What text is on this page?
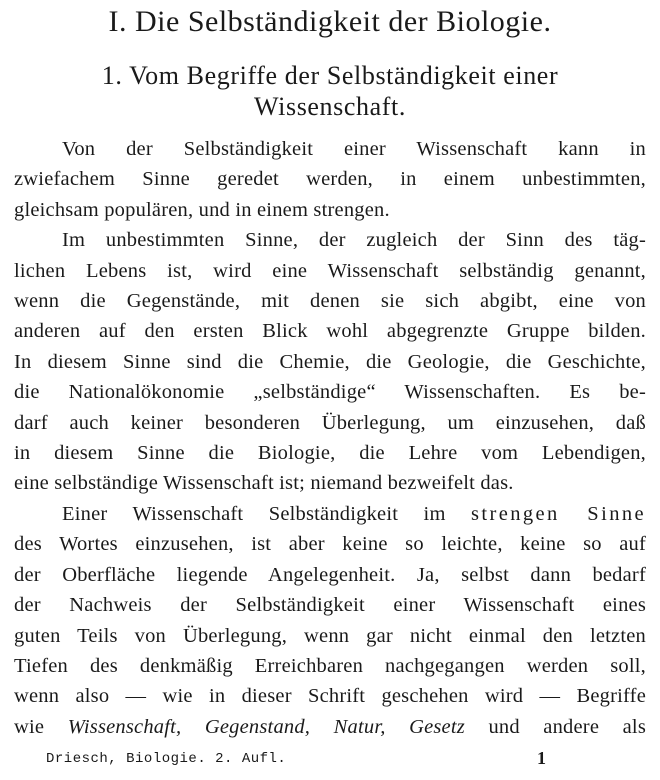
I. Die Selbständigkeit der Biologie.
1. Vom Begriffe der Selbständigkeit einer Wissenschaft.
Von der Selbständigkeit einer Wissenschaft kann in
zwiefachem Sinne geredet werden, in einem unbestimmten,
gleichsam populären, und in einem strengen.
Im unbestimmten Sinne, der zugleich der Sinn des täg-
lichen Lebens ist, wird eine Wissenschaft selbständig genannt,
wenn die Gegenstände, mit denen sie sich abgibt, eine von
anderen auf den ersten Blick wohl abgegrenzte Gruppe bilden.
In diesem Sinne sind die Chemie, die Geologie, die Geschichte,
die Nationalökonomie „selbständige“ Wissenschaften. Es be-
darf auch keiner besonderen Überlegung, um einzusehen, daß
in diesem Sinne die Biologie, die Lehre vom Lebendigen,
eine selbständige Wissenschaft ist; niemand bezweifelt das.
Einer Wissenschaft Selbständigkeit im strengen Sinne
des Wortes einzusehen, ist aber keine so leichte, keine so auf
der Oberfläche liegende Angelegenheit. Ja, selbst dann bedarf
der Nachweis der Selbständigkeit einer Wissenschaft eines
guten Teils von Überlegung, wenn gar nicht einmal den letzten
Tiefen des denkmäßig Erreichbaren nachgegangen werden soll,
wenn also — wie in dieser Schrift geschehen wird — Begriffe
wie Wissenschaft, Gegenstand, Natur, Gesetz und andere als
Driesch, Biologie. 2. Aufl.	1
